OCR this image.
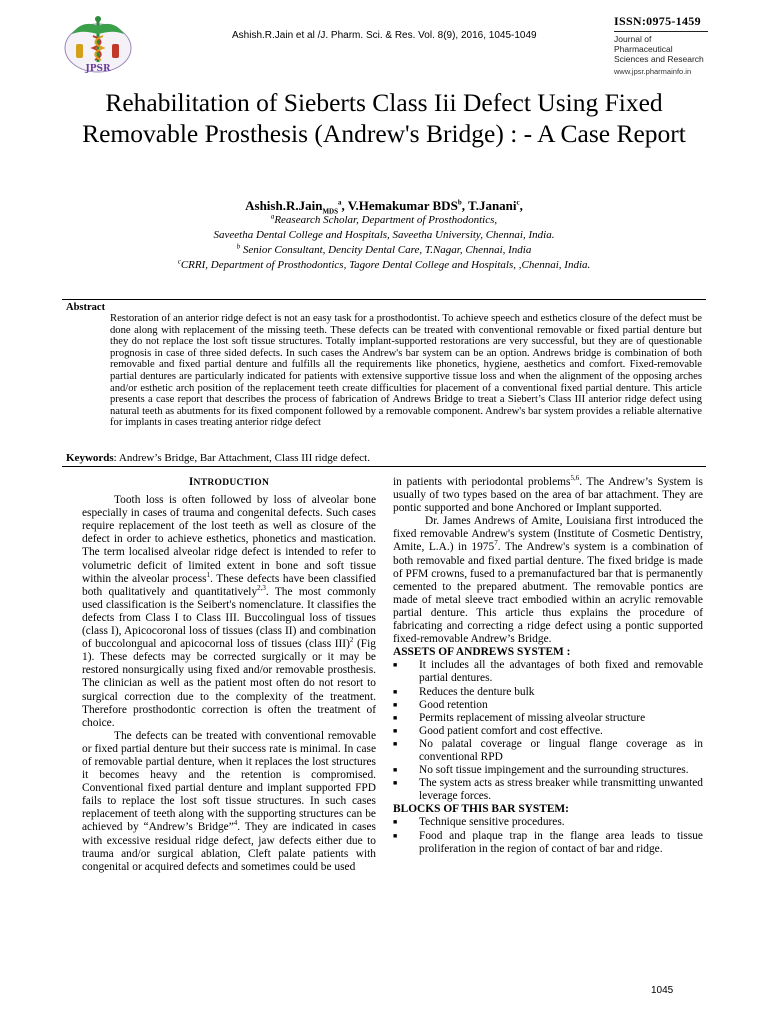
JPSR
Ashish.R.Jain et al /J. Pharm. Sci. & Res. Vol. 8(9), 2016, 1045-1049
ISSN:0975-1459
Journal of Pharmaceutical
Sciences and Research
www.jpsr.pharmainfo.in
Rehabilitation of Sieberts Class Iii Defect Using Fixed Removable Prosthesis (Andrew's Bridge) : - A Case Report
Ashish.R.Jain$_{MDS}^a$, V.Hemakumar BDS$^b$, T.Janani$^c$,
$^a$Reasearch Scholar, Department of Prosthodontics,
Saveetha Dental College and Hospitals, Saveetha University, Chennai, India.
$^b$ Senior Consultant, Dencity Dental Care, T.Nagar, Chennai, India
$^c$CRRI, Department of Prosthodontics, Tagore Dental College and Hospitals, ,Chennai, India.
Abstract
Restoration of an anterior ridge defect is not an easy task for a prosthodontist. To achieve speech and esthetics closure of the defect must be done along with replacement of the missing teeth. These defects can be treated with conventional removable or fixed partial denture but they do not replace the lost soft tissue structures. Totally implant-supported restorations are very successful, but they are of questionable prognosis in case of three sided defects. In such cases the Andrew's bar system can be an option. Andrews bridge is combination of both removable and fixed partial denture and fulfills all the requirements like phonetics, hygiene, aesthetics and comfort. Fixed-removable partial dentures are particularly indicated for patients with extensive supportive tissue loss and when the alignment of the opposing arches and/or esthetic arch position of the replacement teeth create difficulties for placement of a conventional fixed partial denture. This article presents a case report that describes the process of fabrication of Andrews Bridge to treat a Siebert’s Class III anterior ridge defect using natural teeth as abutments for its fixed component followed by a removable component. Andrew's bar system provides a reliable alternative for implants in cases treating anterior ridge defect
Keywords: Andrew’s Bridge, Bar Attachment, Class III ridge defect.

INTRODUCTION

Tooth loss is often followed by loss of alveolar bone especially in cases of trauma and congenital defects. Such cases require replacement of the lost teeth as well as closure of the defect in order to achieve esthetics, phonetics and mastication. The term localised alveolar ridge defect is intended to refer to volumetric deficit of limited extent in bone and soft tissue within the alveolar process$^1$. These defects have been classified both qualitatively and quantitatively$^{2,3}$. The most commonly used classification is the Seibert's nomenclature. It classifies the defects from Class I to Class III. Buccolingual loss of tissues (class I), Apicocoronal loss of tissues (class II) and combination of buccolongual and apicocornal loss of tissues (class III)$^2$ (Fig 1). These defects may be corrected surgically or it may be restored nonsurgically using fixed and/or removable prosthesis. The clinician as well as the patient most often do not resort to surgical correction due to the complexity of the treatment. Therefore prosthodontic correction is often the treatment of choice.

The defects can be treated with conventional removable or fixed partial denture but their success rate is minimal. In case of removable partial denture, when it replaces the lost structures it becomes heavy and the retention is compromised. Conventional fixed partial denture and implant supported FPD fails to replace the lost soft tissue structures. In such cases replacement of teeth along with the supporting structures can be achieved by “Andrew’s Bridge”$^4$. They are indicated in cases with excessive residual ridge defect, jaw defects either due to trauma and/or surgical ablation, Cleft palate patients with congenital or acquired defects and sometimes could be used

in patients with periodontal problems$^{5,6}$. The Andrew’s System is usually of two types based on the area of bar attachment. They are pontic supported and bone Anchored or Implant supported.

Dr. James Andrews of Amite, Louisiana first introduced the fixed removable Andrew's system (Institute of Cosmetic Dentistry, Amite, L.A.) in 1975$^7$. The Andrew's system is a combination of both removable and fixed partial denture. The fixed bridge is made of PFM crowns, fused to a premanufactured bar that is permanently cemented to the prepared abutment. The removable pontics are made of metal sleeve tract embodied within an acrylic removable partial denture. This article thus explains the procedure of fabricating and correcting a ridge defect using a pontic supported fixed-removable Andrew’s Bridge.

ASSETS OF ANDREWS SYSTEM :

■ It includes all the advantages of both fixed and removable partial dentures.
■ Reduces the denture bulk
■ Good retention
■ Permits replacement of missing alveolar structure
■ Good patient comfort and cost effective.
■ No palatal coverage or lingual flange coverage as in conventional RPD
■ No soft tissue impingement and the surrounding structures.
■ The system acts as stress breaker while transmitting unwanted leverage forces.

BLOCKS OF THIS BAR SYSTEM:

■ Technique sensitive procedures.
■ Food and plaque trap in the flange area leads to tissue proliferation in the region of contact of bar and ridge.
1045
